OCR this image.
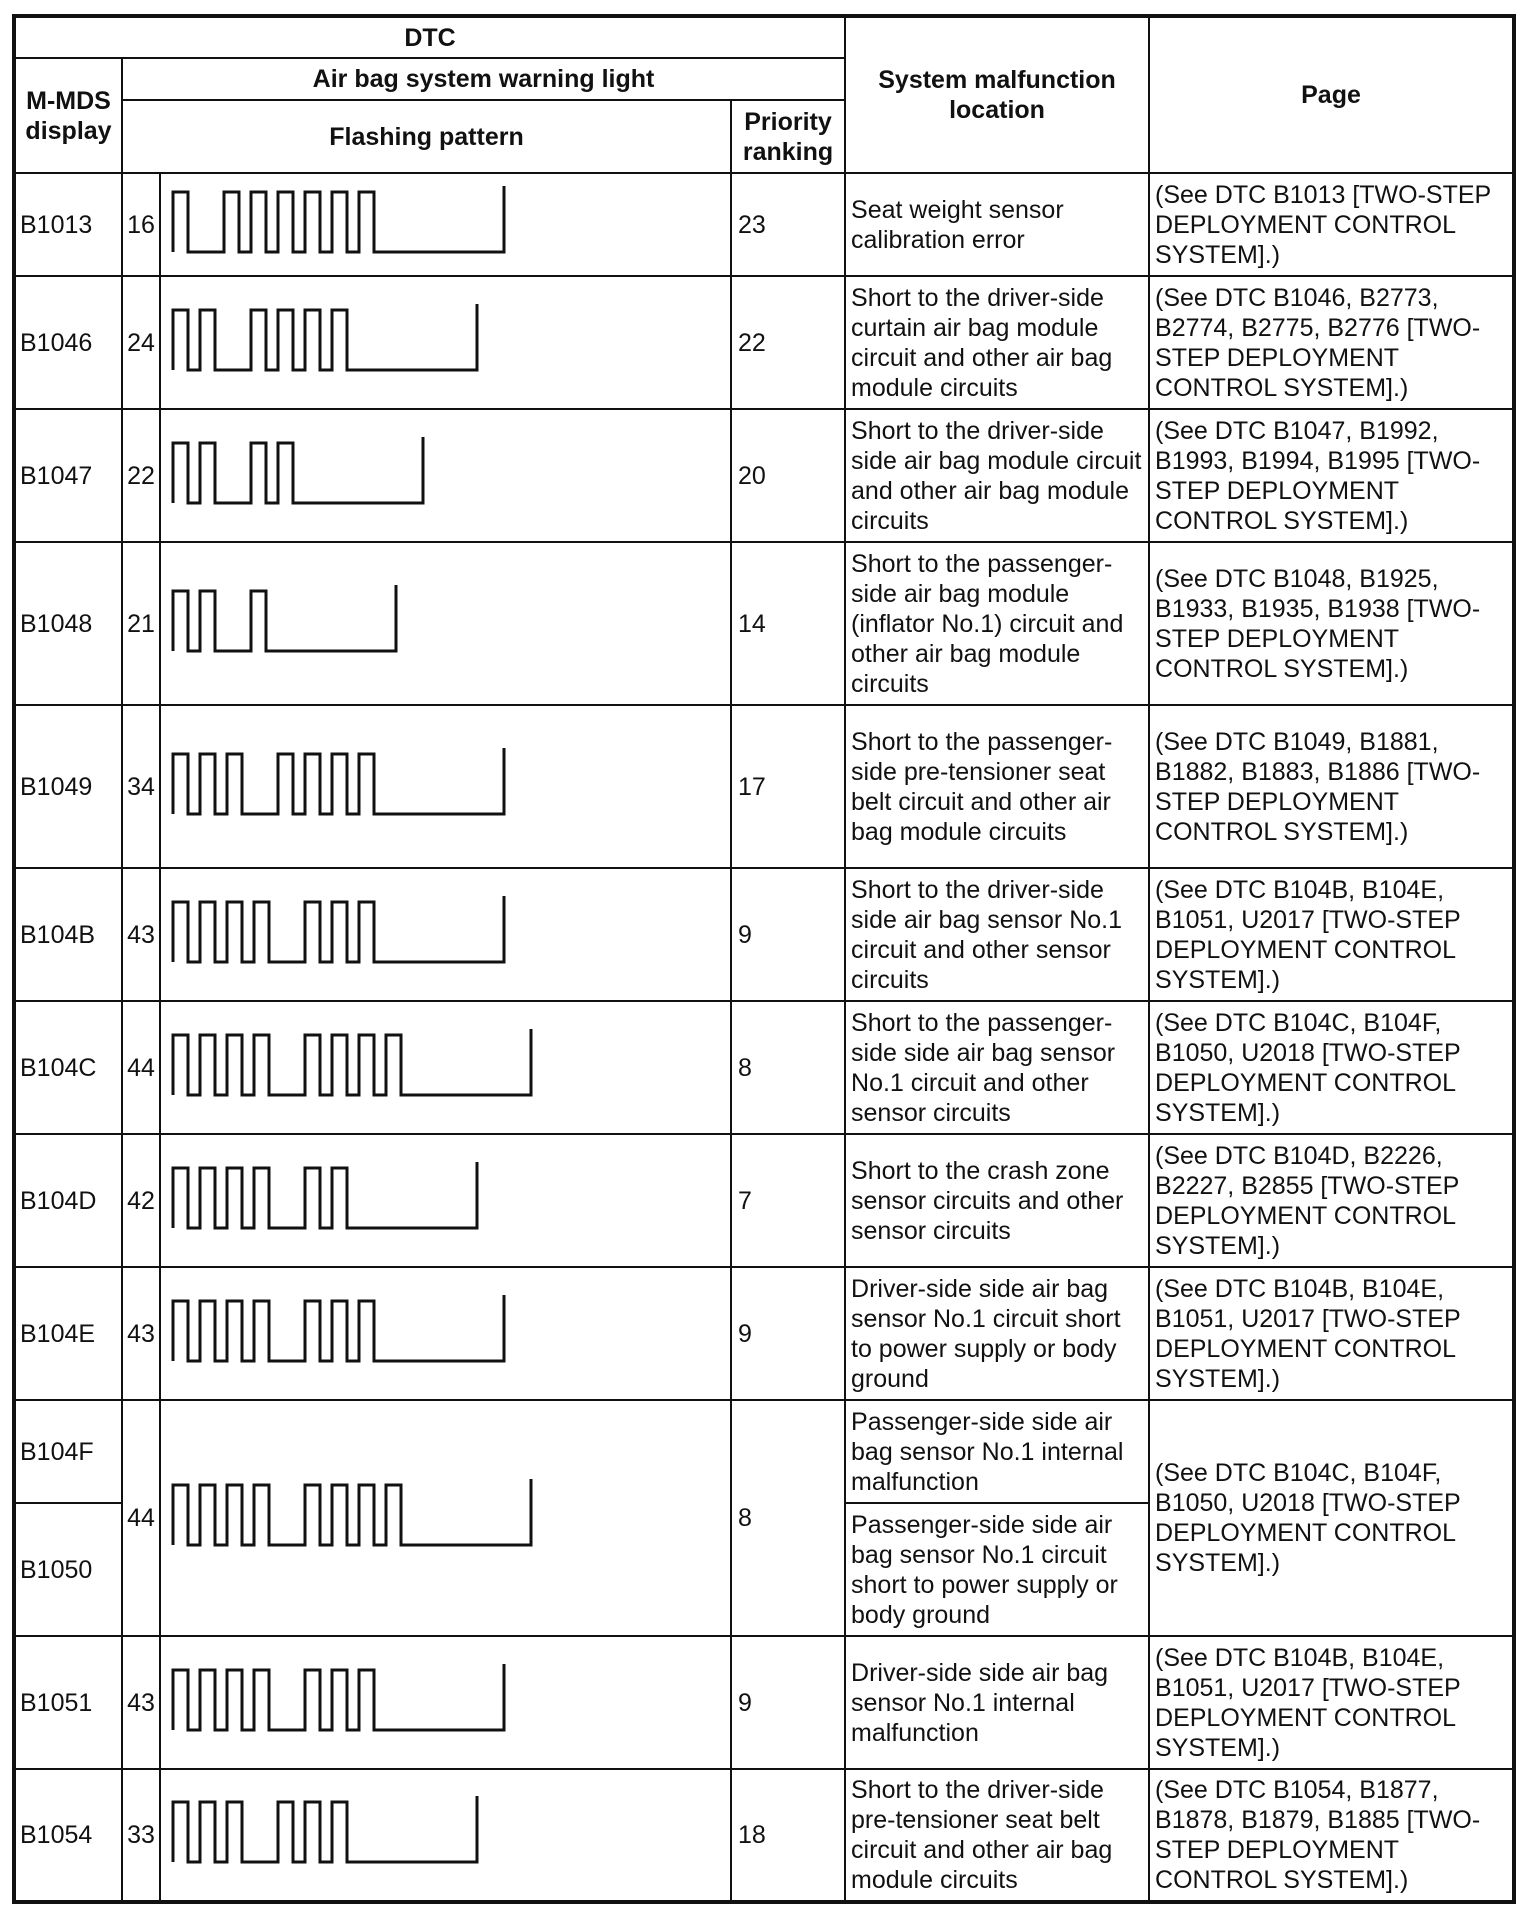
DTC				System malfunction location	Page
M-MDS display	Air bag system warning light				
	Flashing pattern		Priority ranking		
B1013	16		23	Seat weight sensor calibration error	(See DTC B1013 [TWO-STEP DEPLOYMENT CONTROL SYSTEM].)
B1046	24		22	Short to the driver-side curtain air bag module circuit and other air bag module circuits	(See DTC B1046, B2773, B2774, B2775, B2776 [TWO-STEP DEPLOYMENT CONTROL SYSTEM].)
B1047	22		20	Short to the driver-side side air bag module circuit and other air bag module circuits	(See DTC B1047, B1992, B1993, B1994, B1995 [TWO-STEP DEPLOYMENT CONTROL SYSTEM].)
B1048	21		14	Short to the passenger-side air bag module (inflator No.1) circuit and other air bag module circuits	(See DTC B1048, B1925, B1933, B1935, B1938 [TWO-STEP DEPLOYMENT CONTROL SYSTEM].)
B1049	34		17	Short to the passenger-side pre-tensioner seat belt circuit and other air bag module circuits	(See DTC B1049, B1881, B1882, B1883, B1886 [TWO-STEP DEPLOYMENT CONTROL SYSTEM].)
B104B	43		9	Short to the driver-side side air bag sensor No.1 circuit and other sensor circuits	(See DTC B104B, B104E, B1051, U2017 [TWO-STEP DEPLOYMENT CONTROL SYSTEM].)
B104C	44		8	Short to the passenger-side side air bag sensor No.1 circuit and other sensor circuits	(See DTC B104C, B104F, B1050, U2018 [TWO-STEP DEPLOYMENT CONTROL SYSTEM].)
B104D	42		7	Short to the crash zone sensor circuits and other sensor circuits	(See DTC B104D, B2226, B2227, B2855 [TWO-STEP DEPLOYMENT CONTROL SYSTEM].)
B104E	43		9	Driver-side side air bag sensor No.1 circuit short to power supply or body ground	(See DTC B104B, B104E, B1051, U2017 [TWO-STEP DEPLOYMENT CONTROL SYSTEM].)
B104F	44		8	Passenger-side side air bag sensor No.1 internal malfunction	(See DTC B104C, B104F, B1050, U2018 [TWO-STEP DEPLOYMENT CONTROL SYSTEM].)
B1050				Passenger-side side air bag sensor No.1 circuit short to power supply or body ground	
B1051	43		9	Driver-side side air bag sensor No.1 internal malfunction	(See DTC B104B, B104E, B1051, U2017 [TWO-STEP DEPLOYMENT CONTROL SYSTEM].)
B1054	33		18	Short to the driver-side pre-tensioner seat belt circuit and other air bag module circuits	(See DTC B1054, B1877, B1878, B1879, B1885 [TWO-STEP DEPLOYMENT CONTROL SYSTEM].)
